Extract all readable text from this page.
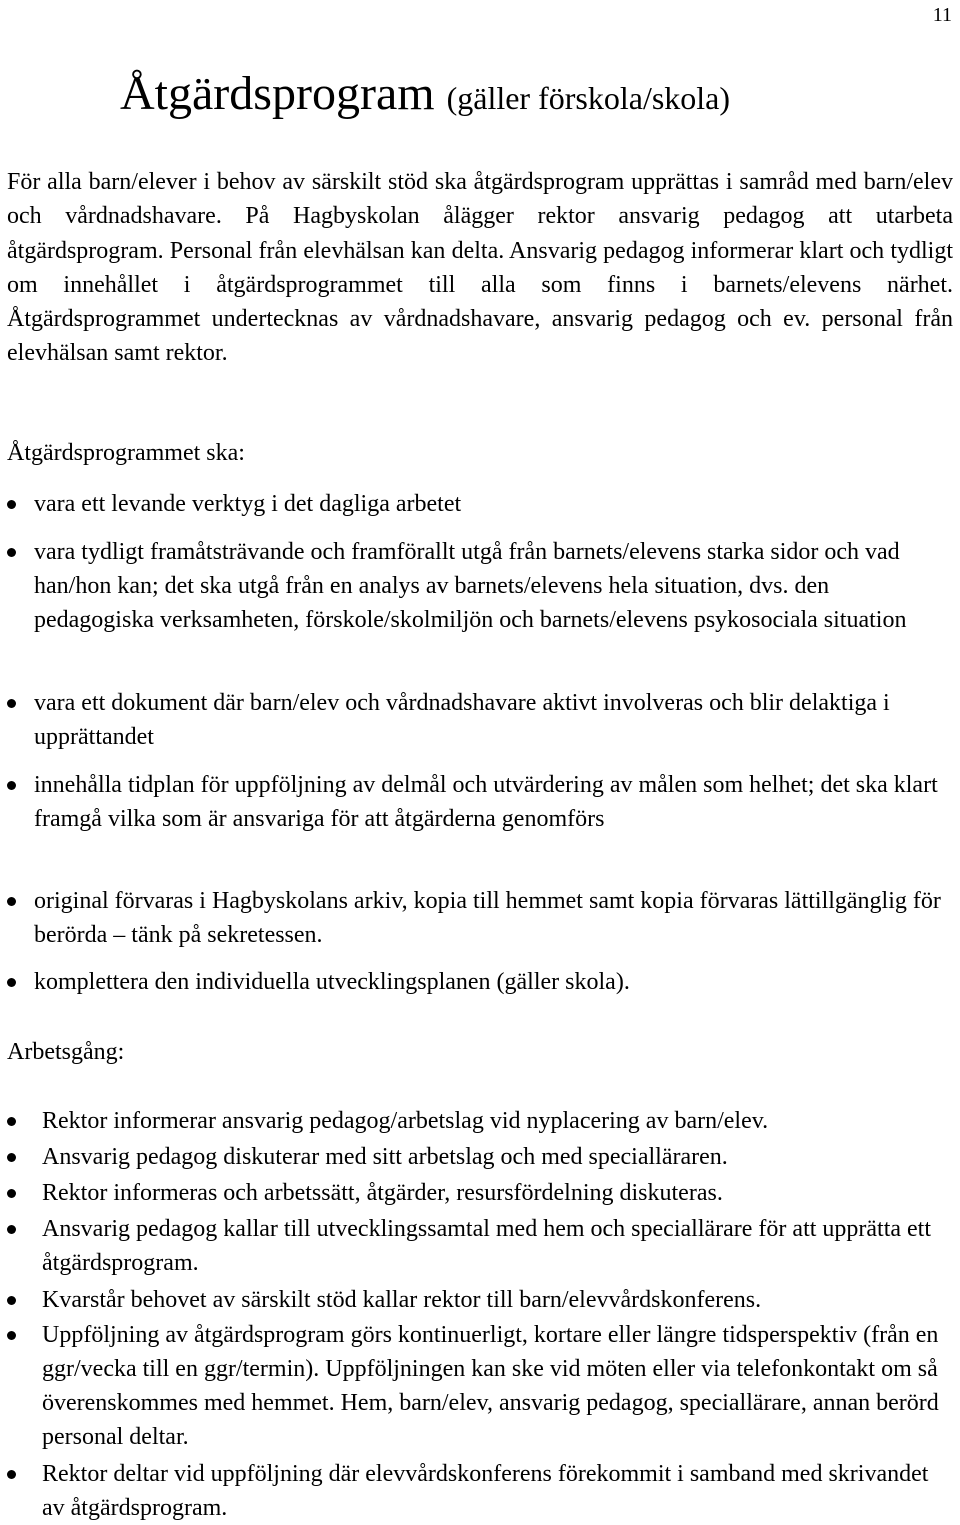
11
Åtgärdsprogram (gäller förskola/skola)

För alla barn/elever i behov av särskilt stöd ska åtgärdsprogram upprättas i samråd med barn/elev och vårdnadshavare. På Hagbyskolan ålägger rektor ansvarig pedagog att utarbeta åtgärdsprogram. Personal från elevhälsan kan delta. Ansvarig pedagog informerar klart och tydligt om innehållet i åtgärdsprogrammet till alla som finns i barnets/elevens närhet. Åtgärdsprogrammet undertecknas av vårdnadshavare, ansvarig pedagog och ev. personal från elevhälsan samt rektor.

Åtgärdsprogrammet ska:

vara ett levande verktyg i det dagliga arbetet
vara tydligt framåtsträvande och framförallt utgå från barnets/elevens starka sidor och vad han/hon kan; det ska utgå från en analys av barnets/elevens hela situation, dvs. den pedagogiska verksamheten, förskole/skolmiljön och barnets/elevens psykosociala situation
vara ett dokument där barn/elev och vårdnadshavare aktivt involveras och blir delaktiga i upprättandet
innehålla tidplan för uppföljning av delmål och utvärdering av målen som helhet; det ska klart framgå vilka som är ansvariga för att åtgärderna genomförs
original förvaras i Hagbyskolans arkiv, kopia till hemmet samt kopia förvaras lättillgänglig för berörda – tänk på sekretessen.
komplettera den individuella utvecklingsplanen (gäller skola).

Arbetsgång:

Rektor informerar ansvarig pedagog/arbetslag vid nyplacering av barn/elev.
Ansvarig pedagog diskuterar med sitt arbetslag och med specialläraren.
Rektor informeras och arbetssätt, åtgärder, resursfördelning diskuteras.
Ansvarig pedagog kallar till utvecklingssamtal med hem och speciallärare för att upprätta ett åtgärdsprogram.
Kvarstår behovet av särskilt stöd kallar rektor till barn/elevvårdskonferens.
Uppföljning av åtgärdsprogram görs kontinuerligt, kortare eller längre tidsperspektiv (från en ggr/vecka till en ggr/termin). Uppföljningen kan ske vid möten eller via telefonkontakt om så överenskommes med hemmet. Hem, barn/elev, ansvarig pedagog, speciallärare, annan berörd personal deltar.
Rektor deltar vid uppföljning där elevvårdskonferens förekommit i samband med skrivandet av åtgärdsprogram.
